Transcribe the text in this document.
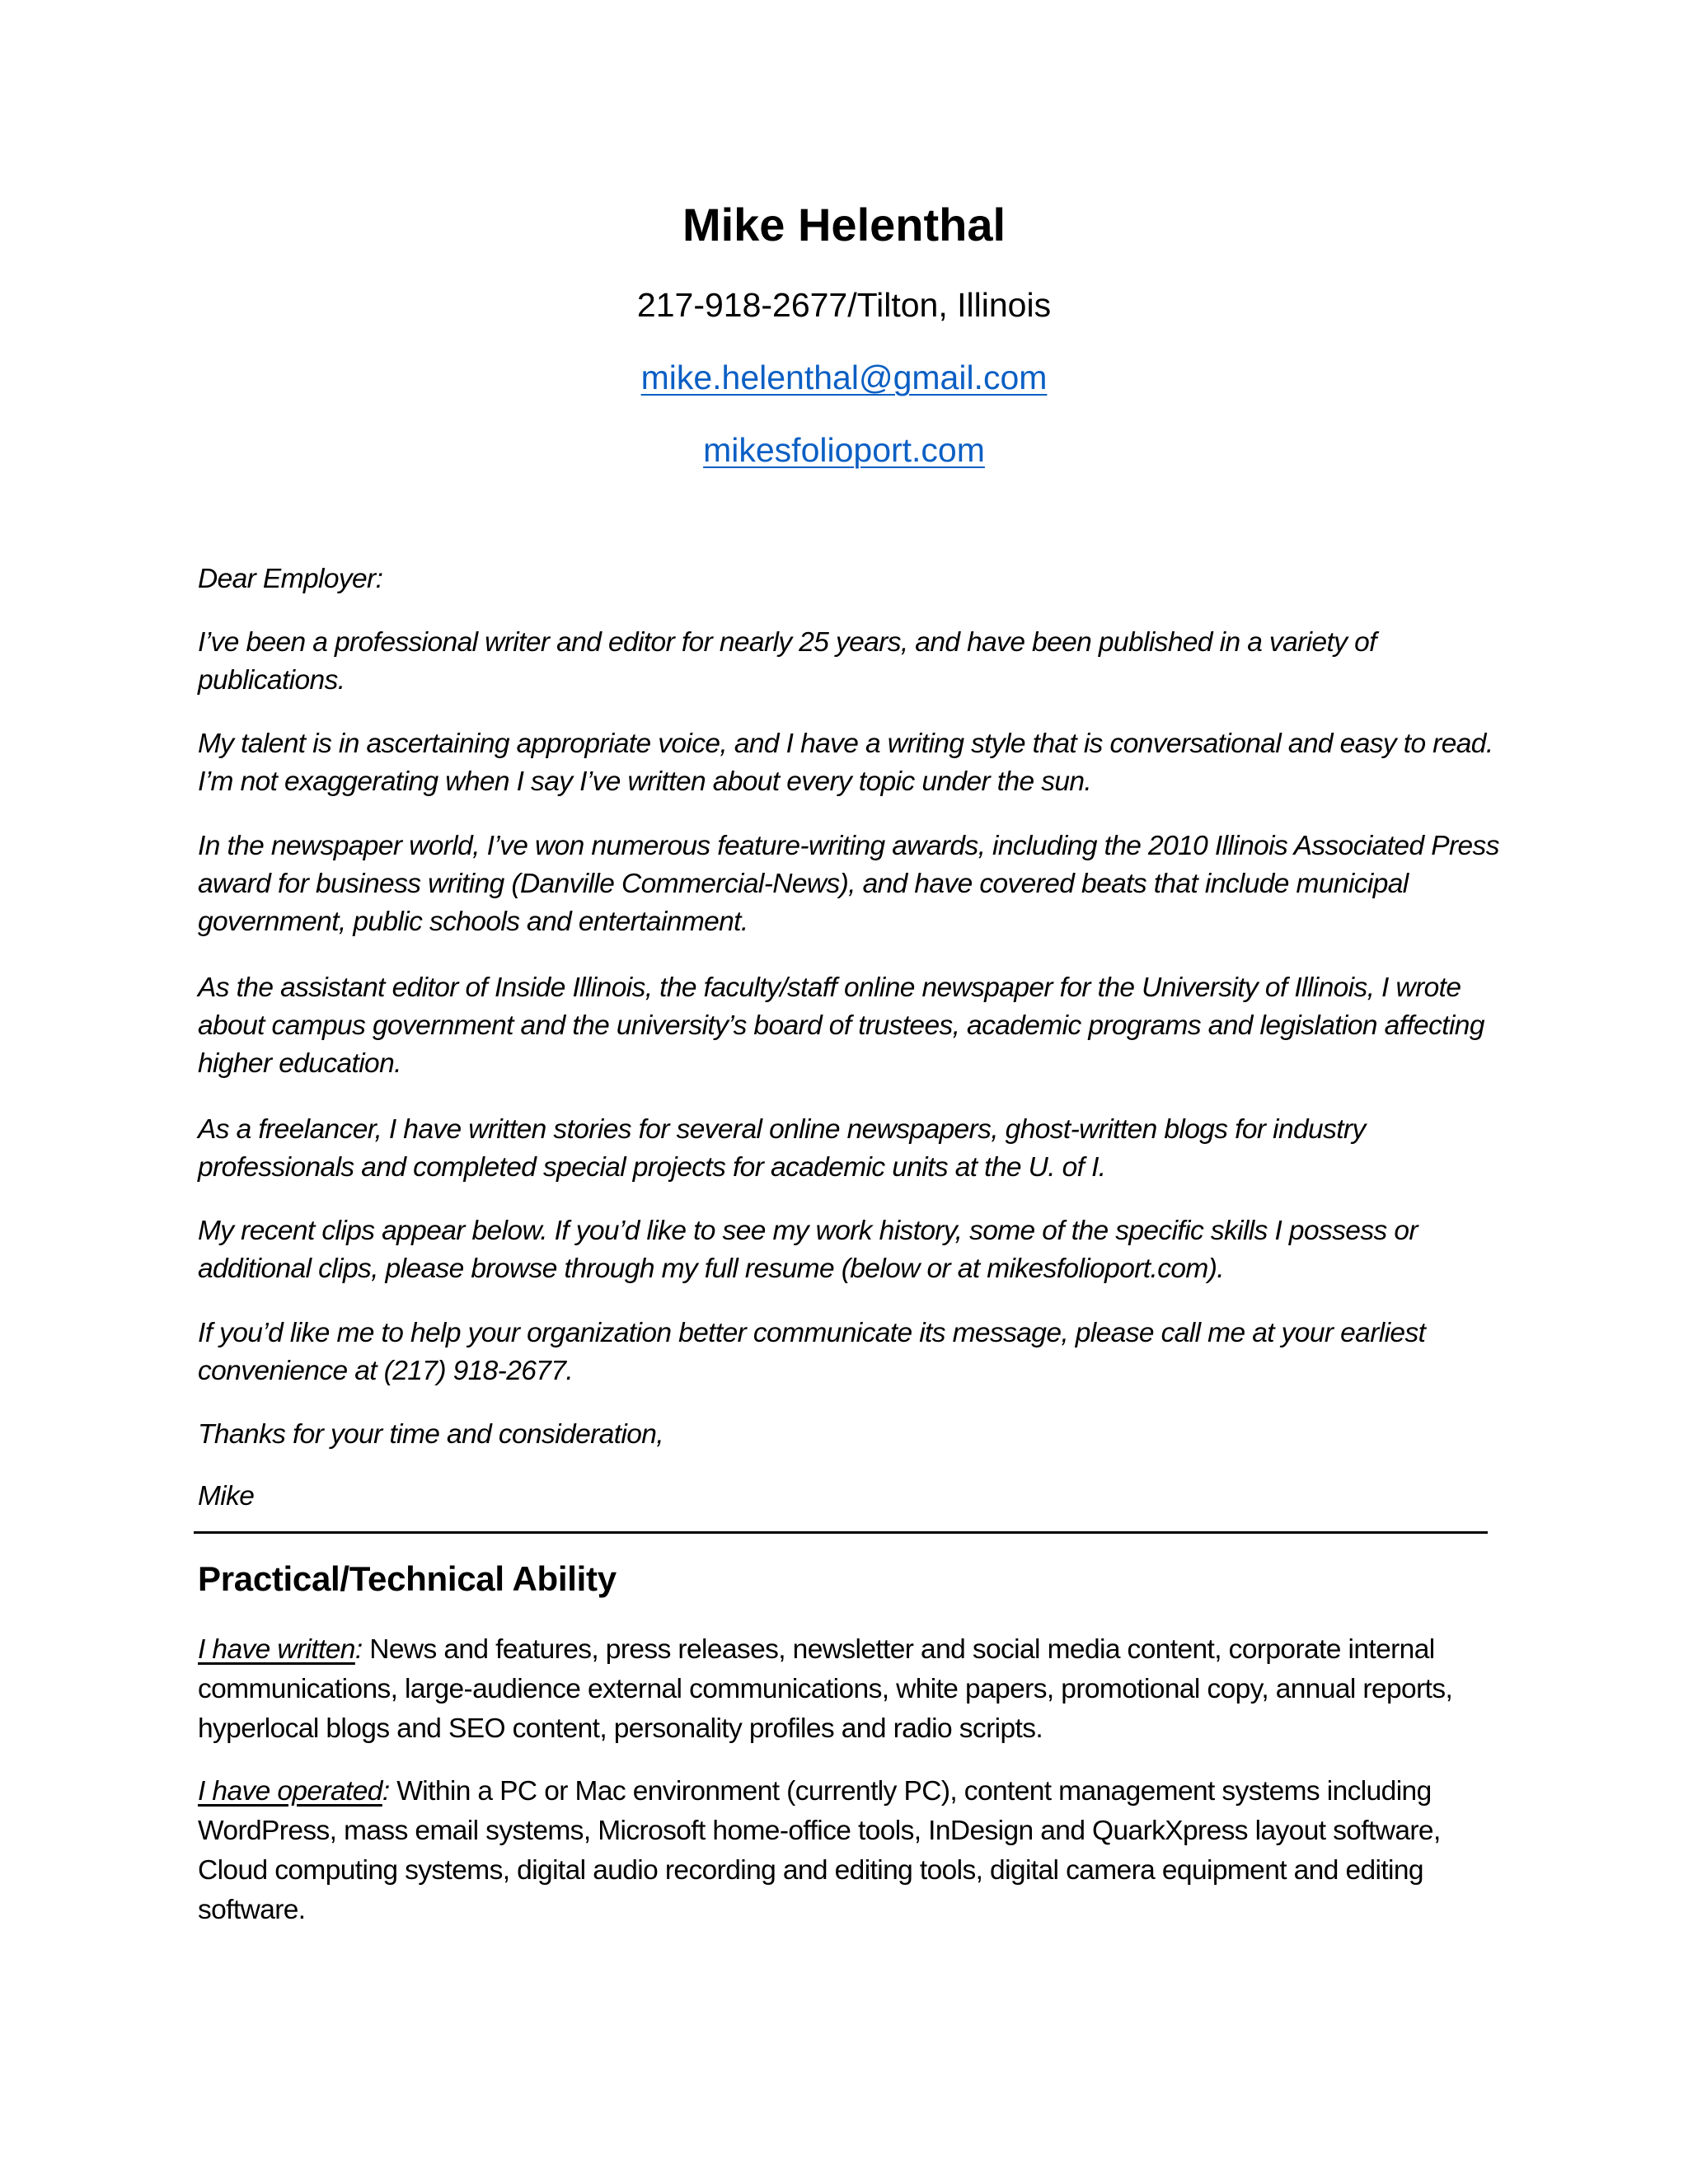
Mike Helenthal
217-918-2677/Tilton, Illinois
mike.helenthal@gmail.com
mikesfolioport.com

Dear Employer:

I’ve been a professional writer and editor for nearly 25 years, and have been published in a variety of publications.

My talent is in ascertaining appropriate voice, and I have a writing style that is conversational and easy to read. I’m not exaggerating when I say I’ve written about every topic under the sun.

In the newspaper world, I’ve won numerous feature-writing awards, including the 2010 Illinois Associated Press award for business writing (Danville Commercial-News), and have covered beats that include municipal government, public schools and entertainment.

As the assistant editor of Inside Illinois, the faculty/staff online newspaper for the University of Illinois, I wrote about campus government and the university’s board of trustees, academic programs and legislation affecting higher education.

As a freelancer, I have written stories for several online newspapers, ghost-written blogs for industry professionals and completed special projects for academic units at the U. of I.

My recent clips appear below. If you’d like to see my work history, some of the specific skills I possess or additional clips, please browse through my full resume (below or at mikesfolioport.com).

If you’d like me to help your organization better communicate its message, please call me at your earliest convenience at (217) 918-2677.

Thanks for your time and consideration,

Mike

Practical/Technical Ability
I have written: News and features, press releases, newsletter and social media content, corporate internal communications, large-audience external communications, white papers, promotional copy, annual reports, hyperlocal blogs and SEO content, personality profiles and radio scripts.
I have operated: Within a PC or Mac environment (currently PC), content management systems including WordPress, mass email systems, Microsoft home-office tools, InDesign and QuarkXpress layout software, Cloud computing systems, digital audio recording and editing tools, digital camera equipment and editing software.
